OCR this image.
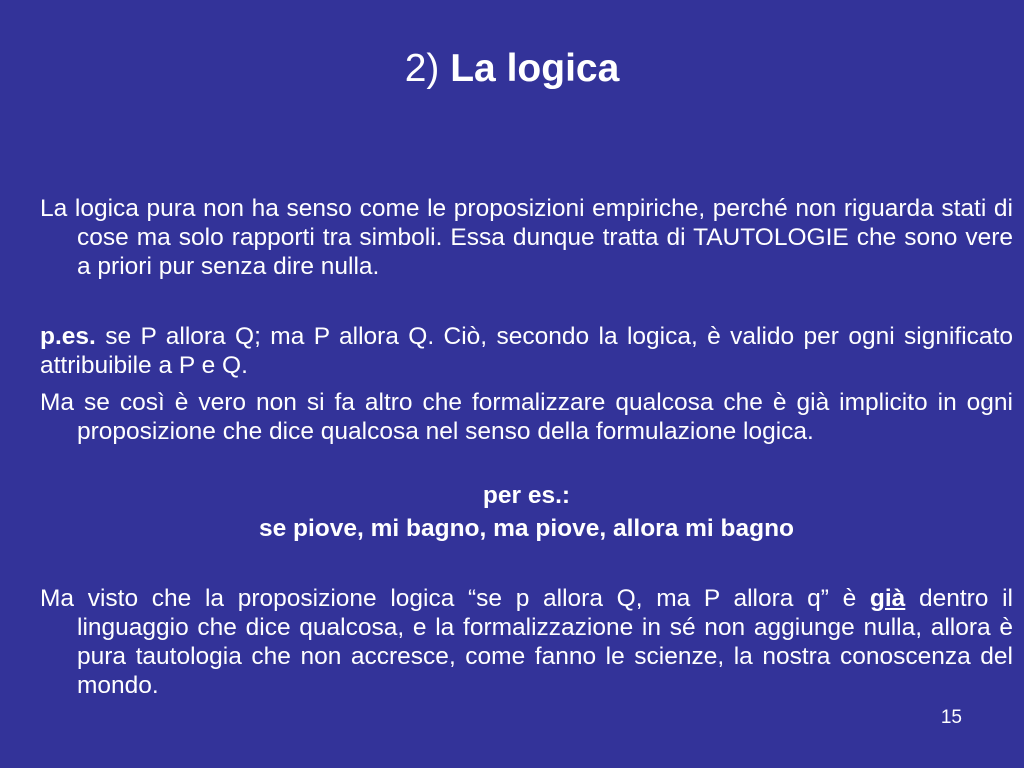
2) La logica

La logica pura non ha senso come le proposizioni empiriche, perché non riguarda stati di cose ma solo rapporti tra simboli. Essa dunque tratta di TAUTOLOGIE che sono vere a priori pur senza dire nulla.

p.es. se P allora Q; ma P allora Q. Ciò, secondo la logica, è valido per ogni significato attribuibile a P e Q.

Ma se così è vero non si fa altro che formalizzare qualcosa che è già implicito in ogni proposizione che dice qualcosa nel senso della formulazione logica.

per es.:

se piove, mi bagno, ma piove, allora mi bagno

Ma visto che la proposizione logica “se p allora Q, ma P allora q” è già dentro il linguaggio che dice qualcosa, e la formalizzazione in sé non aggiunge nulla, allora è pura tautologia che non accresce, come fanno le scienze, la nostra conoscenza del mondo.

15
